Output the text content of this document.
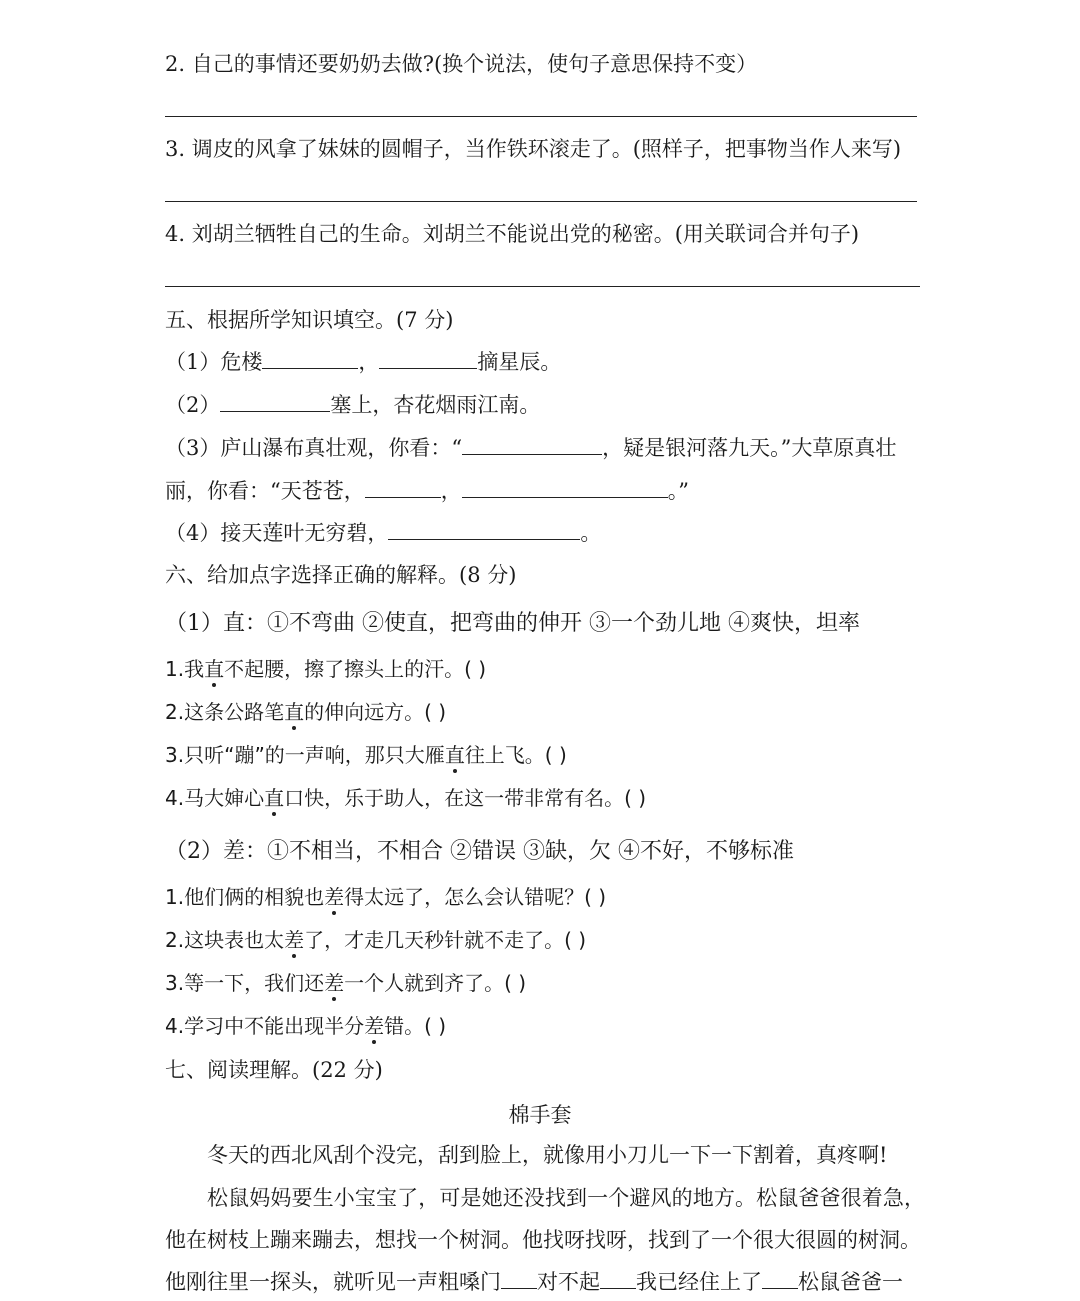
2. 自己的事情还要奶奶去做?(换个说法，使句子意思保持不变）
3. 调皮的风拿了妹妹的圆帽子，当作铁环滚走了。(照样子，把事物当作人来写)
4. 刘胡兰牺牲自己的生命。刘胡兰不能说出党的秘密。(用关联词合并句子)
五、根据所学知识填空。(7 分)
（1）危楼	，	摘星辰。
（2）	塞上，杏花烟雨江南。
（3）庐山瀑布真壮观，你看：“	，疑是银河落九天。”大草原真壮
丽，你看：“天苍苍，	，	。”
（4）接天莲叶无穷碧，	。
六、给加点字选择正确的解释。(8 分)
（1）直：①不弯曲 ②使直，把弯曲的伸开 ③一个劲儿地 ④爽快，坦率
1.我直不起腰，擦了擦头上的汗。( )
2.这条公路笔直的伸向远方。( )
3.只听“蹦”的一声响，那只大雁直往上飞。( )
4.马大婶心直口快，乐于助人，在这一带非常有名。( )
（2）差：①不相当，不相合 ②错误 ③缺，欠 ④不好，不够标准
1.他们俩的相貌也差得太远了，怎么会认错呢？( )
2.这块表也太差了，才走几天秒针就不走了。( )
3.等一下，我们还差一个人就到齐了。( )
4.学习中不能出现半分差错。( )
七、阅读理解。(22 分)
棉手套
冬天的西北风刮个没完，刮到脸上，就像用小刀儿一下一下割着，真疼啊!
松鼠妈妈要生小宝宝了，可是她还没找到一个避风的地方。松鼠爸爸很着急，他在树枝上蹦来蹦去，想找一个树洞。他找呀找呀，找到了一个很大很圆的树洞。
他刚往里一探头，就听见一声粗嗓门 对不起 我已经住上了 松鼠爸爸一
